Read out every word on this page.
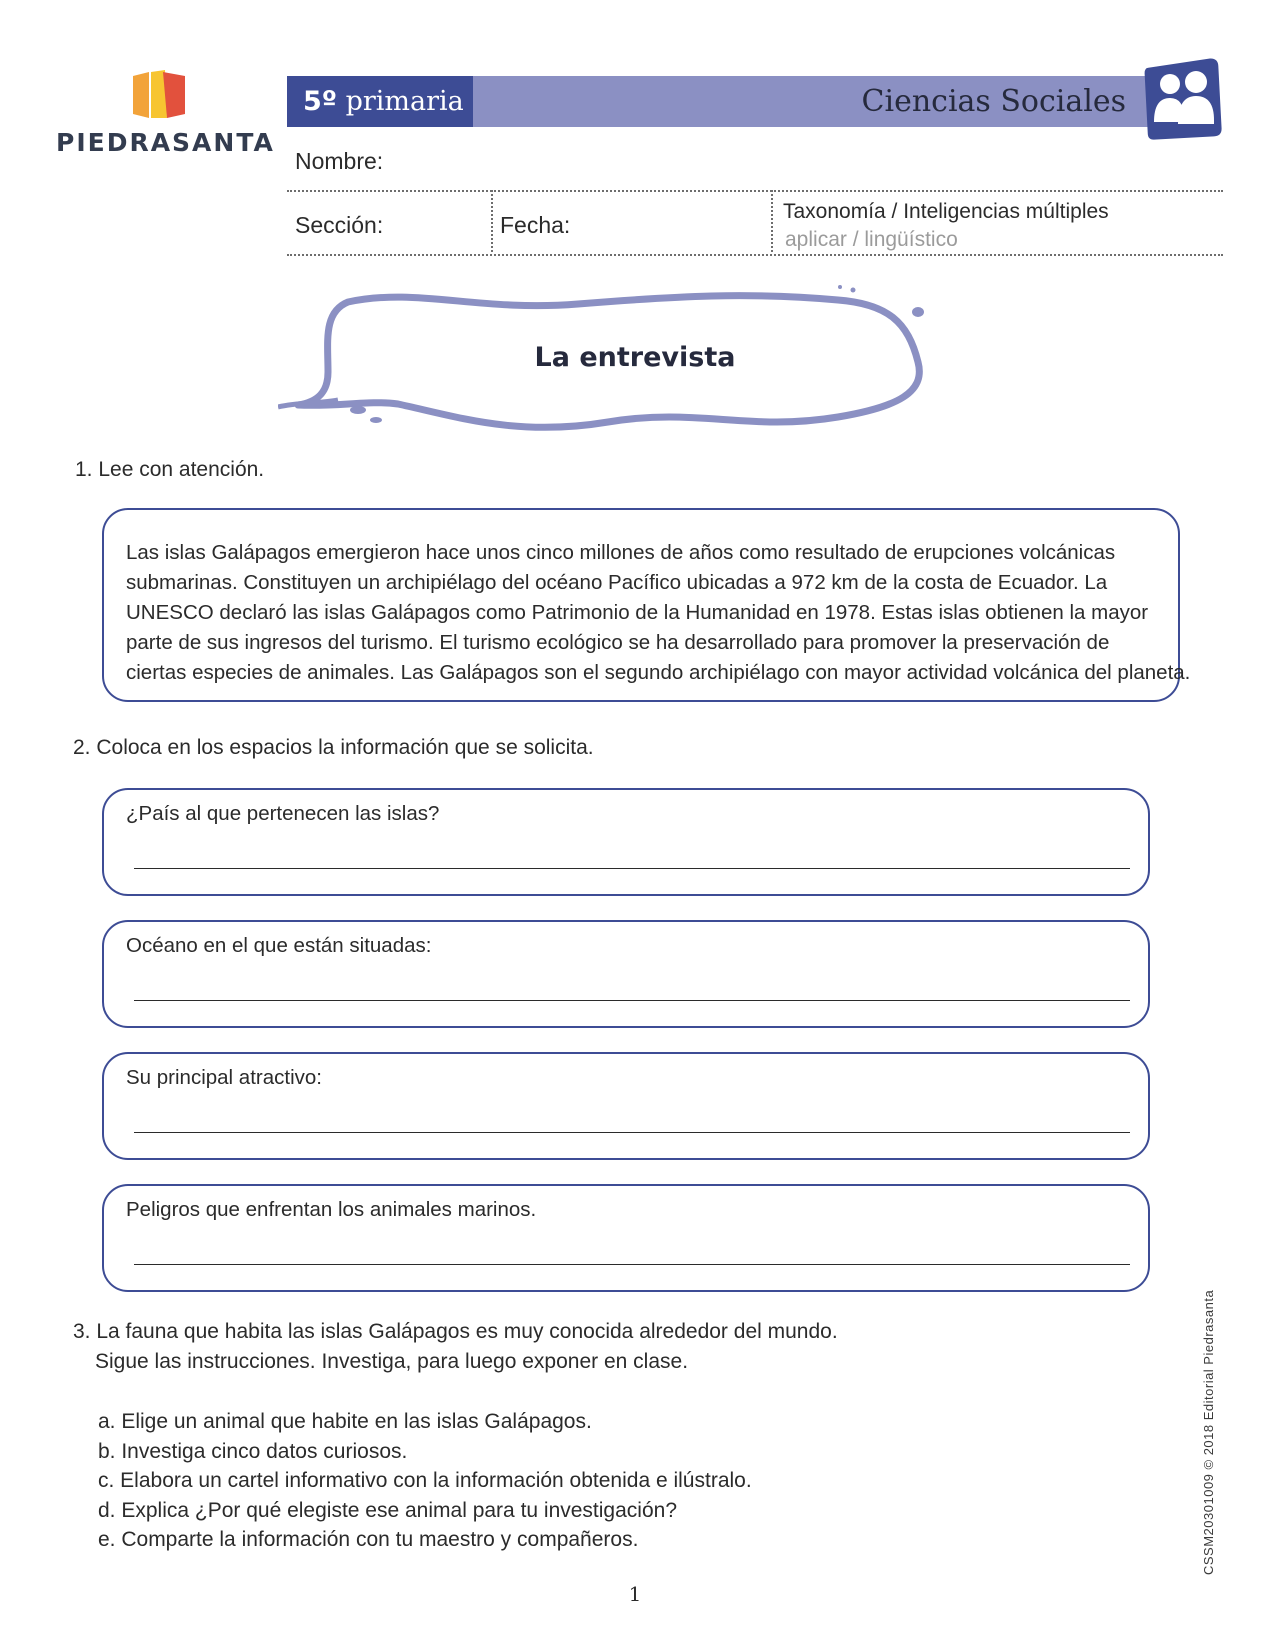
PIEDRASANTA
5º primaria	Ciencias Sociales
Nombre:
Sección:	Fecha:
Taxonomía / Inteligencias múltiples
aplicar / lingüístico
La entrevista
1. Lee con atención.
Las islas Galápagos emergieron hace unos cinco millones de años como resultado de erupciones volcánicas
submarinas. Constituyen un archipiélago del océano Pacífico ubicadas a 972 km de la costa de Ecuador. La
UNESCO declaró las islas Galápagos como Patrimonio de la Humanidad en 1978. Estas islas obtienen la mayor
parte de sus ingresos del turismo. El turismo ecológico se ha desarrollado para promover la preservación de
ciertas especies de animales. Las Galápagos son el segundo archipiélago con mayor actividad volcánica del planeta.
2. Coloca en los espacios la información que se solicita.
¿País al que pertenecen las islas?
Océano en el que están situadas:
Su principal atractivo:
Peligros que enfrentan los animales marinos.
3. La fauna que habita las islas Galápagos es muy conocida alrededor del mundo.
Sigue las instrucciones. Investiga, para luego exponer en clase.
a. Elige un animal que habite en las islas Galápagos.
b. Investiga cinco datos curiosos.
c. Elabora un cartel informativo con la información obtenida e ilústralo.
d. Explica ¿Por qué elegiste ese animal para tu investigación?
e. Comparte la información con tu maestro y compañeros.
1
CSSM20301009 © 2018 Editorial Piedrasanta
